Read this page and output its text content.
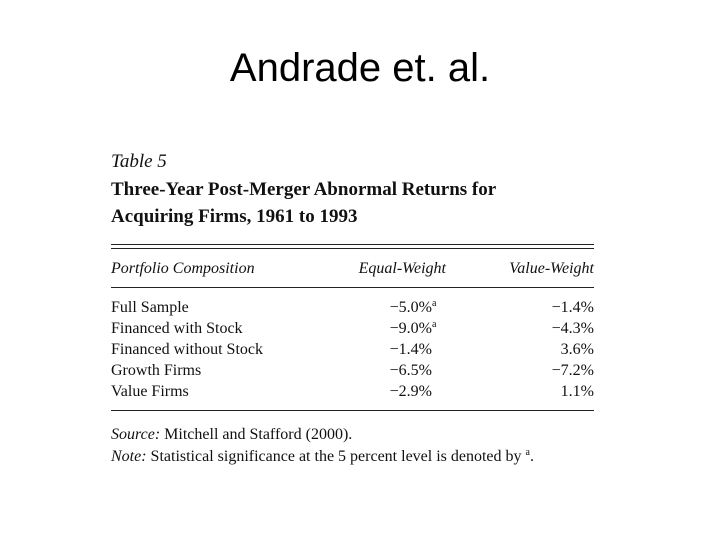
Andrade et. al.
Table 5
Three-Year Post-Merger Abnormal Returns for
Acquiring Firms, 1961 to 1993
Portfolio Composition	Equal-Weight	Value-Weight
Full Sample	−5.0%a	−1.4%
Financed with Stock	−9.0%a	−4.3%
Financed without Stock	−1.4%	3.6%
Growth Firms	−6.5%	−7.2%
Value Firms	−2.9%	1.1%
Source: Mitchell and Stafford (2000).
Note: Statistical significance at the 5 percent level is denoted by a.
